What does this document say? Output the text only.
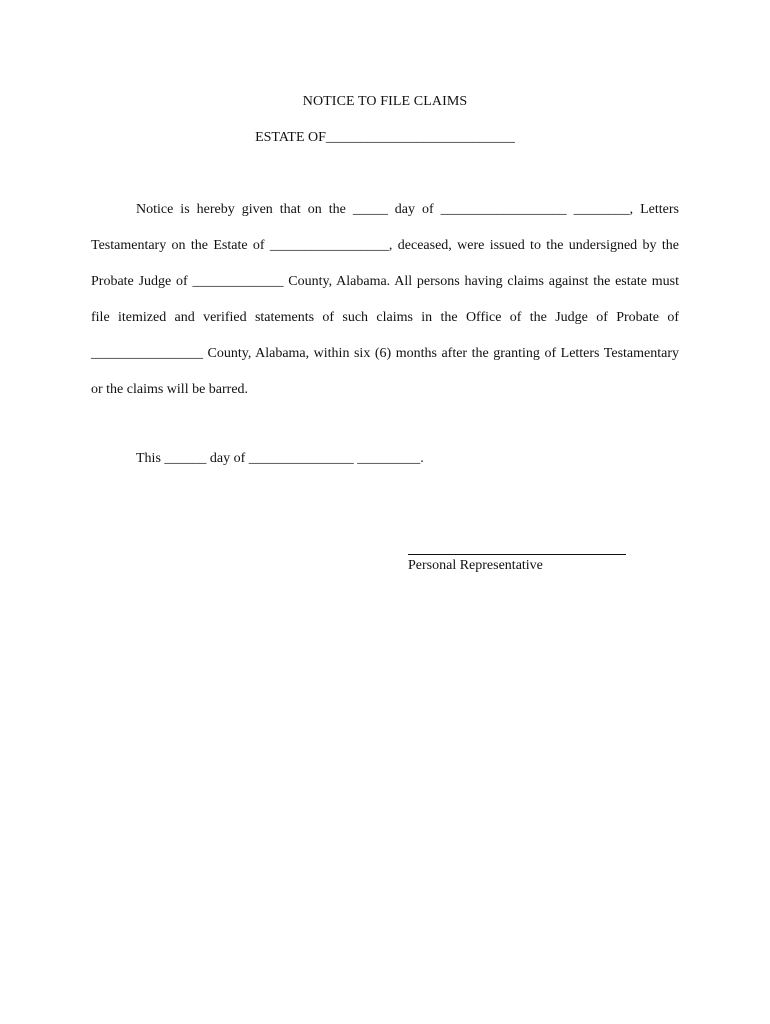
NOTICE TO FILE CLAIMS
ESTATE OF___________________________

Notice is hereby given that on the _____ day of __________________ ________, Letters Testamentary on the Estate of _________________, deceased, were issued to the undersigned by the Probate Judge of _____________ County, Alabama. All persons having claims against the estate must file itemized and verified statements of such claims in the Office of the Judge of Probate of ________________ County, Alabama, within six (6) months after the granting of Letters Testamentary or the claims will be barred.

This ______ day of _______________ _________.
Personal Representative
